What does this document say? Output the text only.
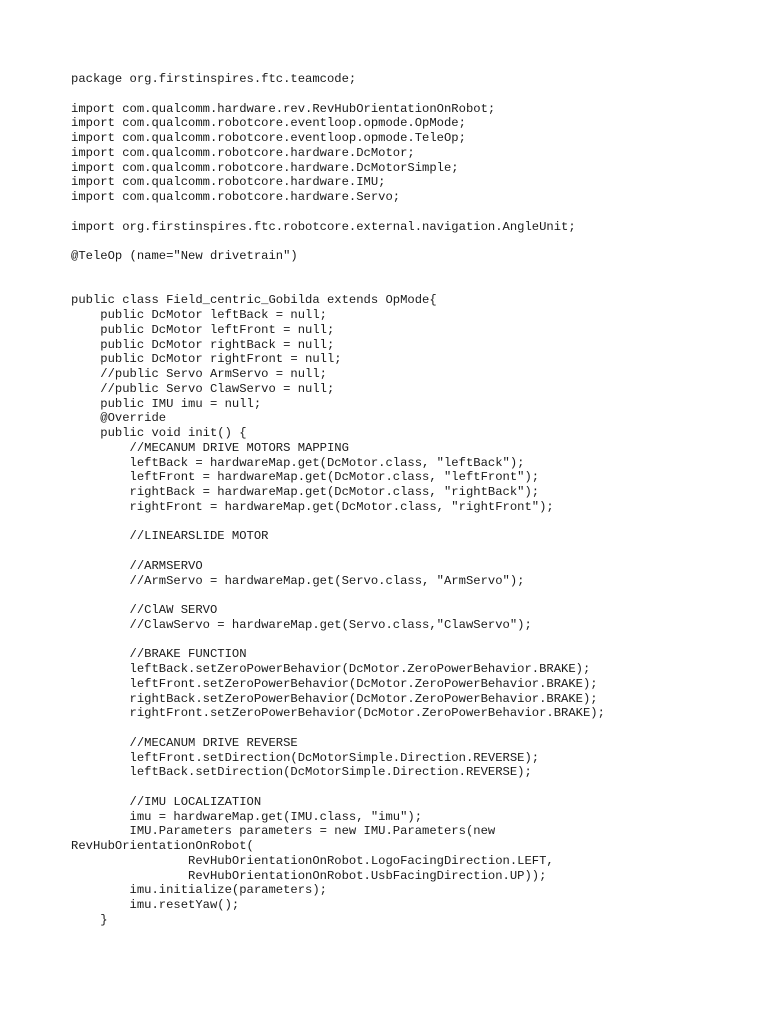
package org.firstinspires.ftc.teamcode;
import com.qualcomm.hardware.rev.RevHubOrientationOnRobot;
import com.qualcomm.robotcore.eventloop.opmode.OpMode;
import com.qualcomm.robotcore.eventloop.opmode.TeleOp;
import com.qualcomm.robotcore.hardware.DcMotor;
import com.qualcomm.robotcore.hardware.DcMotorSimple;
import com.qualcomm.robotcore.hardware.IMU;
import com.qualcomm.robotcore.hardware.Servo;
import org.firstinspires.ftc.robotcore.external.navigation.AngleUnit;
@TeleOp (name="New drivetrain")
public class Field_centric_Gobilda extends OpMode{
public DcMotor leftBack = null;
public DcMotor leftFront = null;
public DcMotor rightBack = null;
public DcMotor rightFront = null;
//public Servo ArmServo = null;
//public Servo ClawServo = null;
public IMU imu = null;
@Override
public void init() {
//MECANUM DRIVE MOTORS MAPPING
leftBack = hardwareMap.get(DcMotor.class, "leftBack");
leftFront = hardwareMap.get(DcMotor.class, "leftFront");
rightBack = hardwareMap.get(DcMotor.class, "rightBack");
rightFront = hardwareMap.get(DcMotor.class, "rightFront");
//LINEARSLIDE MOTOR
//ARMSERVO
//ArmServo = hardwareMap.get(Servo.class, "ArmServo");
//ClAW SERVO
//ClawServo = hardwareMap.get(Servo.class,"ClawServo");
//BRAKE FUNCTION
leftBack.setZeroPowerBehavior(DcMotor.ZeroPowerBehavior.BRAKE);
leftFront.setZeroPowerBehavior(DcMotor.ZeroPowerBehavior.BRAKE);
rightBack.setZeroPowerBehavior(DcMotor.ZeroPowerBehavior.BRAKE);
rightFront.setZeroPowerBehavior(DcMotor.ZeroPowerBehavior.BRAKE);
//MECANUM DRIVE REVERSE
leftFront.setDirection(DcMotorSimple.Direction.REVERSE);
leftBack.setDirection(DcMotorSimple.Direction.REVERSE);
//IMU LOCALIZATION
imu = hardwareMap.get(IMU.class, "imu");
IMU.Parameters parameters = new IMU.Parameters(new
RevHubOrientationOnRobot(
RevHubOrientationOnRobot.LogoFacingDirection.LEFT,
RevHubOrientationOnRobot.UsbFacingDirection.UP));
imu.initialize(parameters);
imu.resetYaw();
}
